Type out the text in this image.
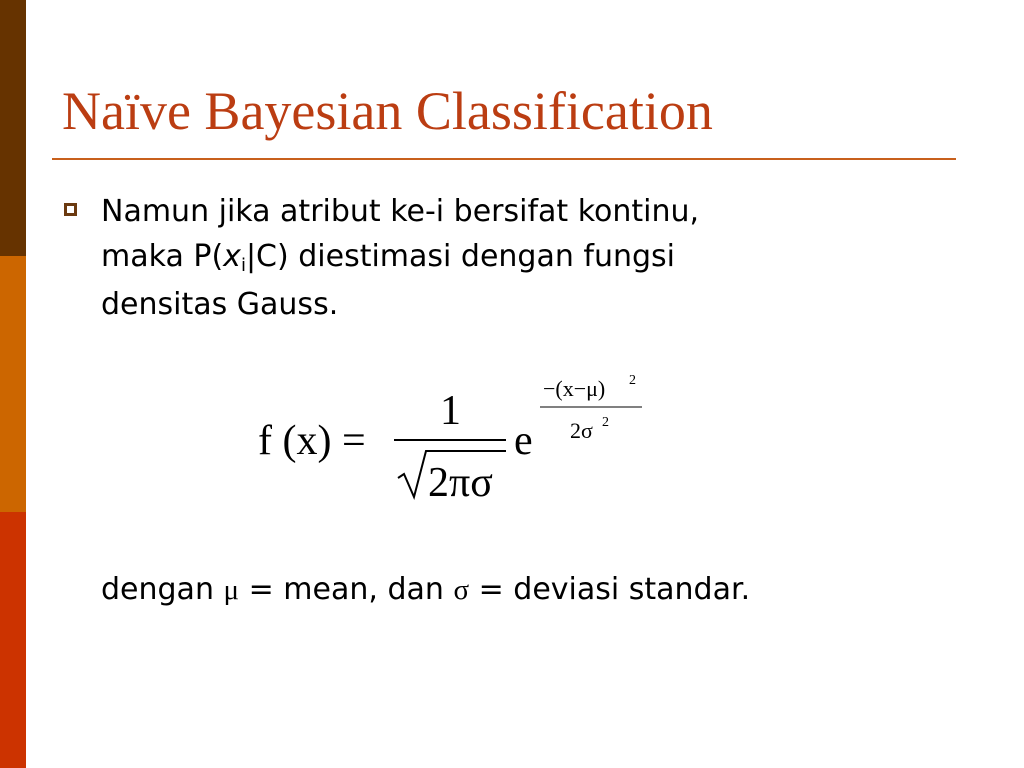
Naïve Bayesian Classification
Namun jika atribut ke-i bersifat kontinu,
maka P(xi|C) diestimasi dengan fungsi
densitas Gauss.
f (x) =
1
2πσ
e
−(x−μ) 2
2σ 2
dengan μ = mean, dan σ = deviasi standar.
